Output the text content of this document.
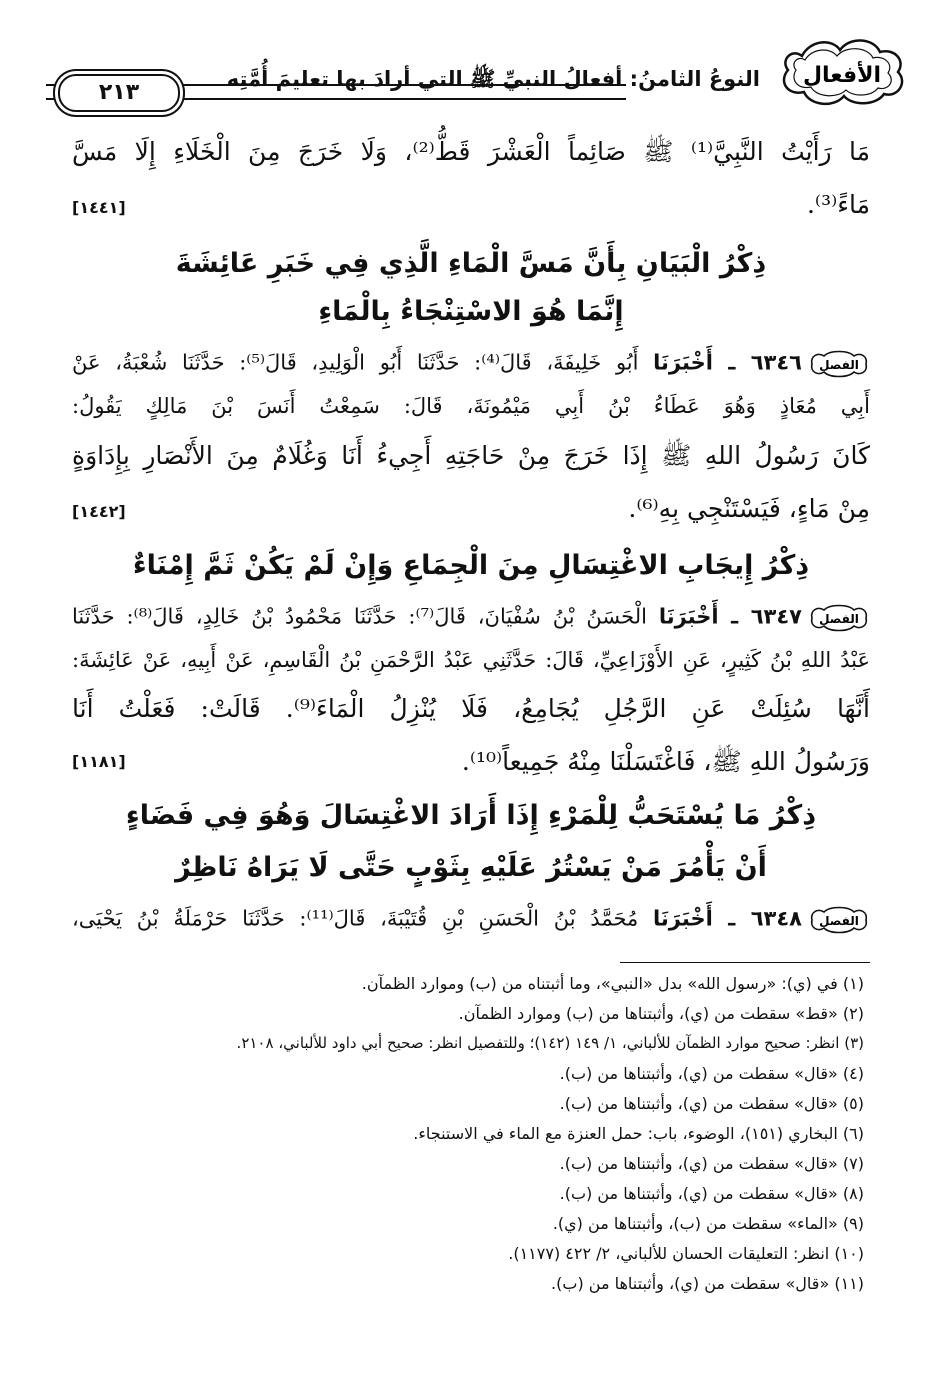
الأفعال
النوعُ الثامنُ: أفعالُ النبيِّ ﷺ التي أرادَ بها تعليمَ أُمَّتِه
٢١٣
مَا رَأَيْتُ النَّبِيَّ⁽¹⁾ ﷺ صَائِماً الْعَشْرَ قَطُّ⁽²⁾، وَلَا خَرَجَ مِنَ الْخَلَاءِ إِلَا مَسَّ
مَاءً⁽³⁾.
[١٤٤١]
ذِكْرُ الْبَيَانِ بِأَنَّ مَسَّ الْمَاءِ الَّذِي فِي خَبَرِ عَائِشَةَ
إِنَّمَا هُوَ الاسْتِنْجَاءُ بِالْمَاءِ
الفصل
٦٣٤٦ ـ أَخْبَرَنَا أَبُو خَلِيفَةَ، قَالَ⁽⁴⁾: حَدَّثَنَا أَبُو الْوَلِيدِ، قَالَ⁽⁵⁾: حَدَّثَنَا شُعْبَةُ، عَنْ
أَبِي مُعَاذٍ وَهُوَ عَطَاءُ بْنُ أَبِي مَيْمُونَةَ، قَالَ: سَمِعْتُ أَنَسَ بْنَ مَالِكٍ يَقُولُ:
كَانَ رَسُولُ اللهِ ﷺ إِذَا خَرَجَ مِنْ حَاجَتِهِ أَجِيءُ أَنَا وَغُلَامٌ مِنَ الأَنْصَارِ بِإِدَاوَةٍ
مِنْ مَاءٍ، فَيَسْتَنْجِي بِهِ⁽⁶⁾.
[١٤٤٢]
ذِكْرُ إِيجَابِ الاغْتِسَالِ مِنَ الْجِمَاعِ وَإِنْ لَمْ يَكُنْ ثَمَّ إِمْنَاءٌ
الفصل
٦٣٤٧ ـ أَخْبَرَنَا الْحَسَنُ بْنُ سُفْيَانَ، قَالَ⁽⁷⁾: حَدَّثَنَا مَحْمُودُ بْنُ خَالِدٍ، قَالَ⁽⁸⁾: حَدَّثَنَا
عَبْدُ اللهِ بْنُ كَثِيرٍ، عَنِ الأَوْزَاعِيِّ، قَالَ: حَدَّثَنِي عَبْدُ الرَّحْمَنِ بْنُ الْقَاسِمِ، عَنْ أَبِيهِ، عَنْ عَائِشَةَ:
أَنَّهَا سُئِلَتْ عَنِ الرَّجُلِ يُجَامِعُ، فَلَا يُنْزِلُ الْمَاءَ⁽⁹⁾. قَالَتْ: فَعَلْتُ أَنَا
وَرَسُولُ اللهِ ﷺ، فَاغْتَسَلْنَا مِنْهُ جَمِيعاً⁽¹⁰⁾.
[١١٨١]
ذِكْرُ مَا يُسْتَحَبُّ لِلْمَرْءِ إِذَا أَرَادَ الاغْتِسَالَ وَهُوَ فِي فَضَاءٍ
أَنْ يَأْمُرَ مَنْ يَسْتُرُ عَلَيْهِ بِثَوْبٍ حَتَّى لَا يَرَاهُ نَاظِرٌ
الفصل
٦٣٤٨ ـ أَخْبَرَنَا مُحَمَّدُ بْنُ الْحَسَنِ بْنِ قُتَيْبَةَ، قَالَ⁽¹¹⁾: حَدَّثَنَا حَرْمَلَةُ بْنُ يَحْيَى،
(١) في (ي): «رسول الله» بدل «النبي»، وما أثبتناه من (ب) وموارد الظمآن.
(٢) «قط» سقطت من (ي)، وأثبتناها من (ب) وموارد الظمآن.
(٣) انظر: صحيح موارد الظمآن للألباني، ١/ ١٤٩ (١٤٢)؛ وللتفصيل انظر: صحيح أبي داود للألباني، ٢١٠٨.
(٤) «قال» سقطت من (ي)، وأثبتناها من (ب).
(٥) «قال» سقطت من (ي)، وأثبتناها من (ب).
(٦) البخاري (١٥١)، الوضوء، باب: حمل العنزة مع الماء في الاستنجاء.
(٧) «قال» سقطت من (ي)، وأثبتناها من (ب).
(٨) «قال» سقطت من (ي)، وأثبتناها من (ب).
(٩) «الماء» سقطت من (ب)، وأثبتناها من (ي).
(١٠) انظر: التعليقات الحسان للألباني، ٢/ ٤٢٢ (١١٧٧).
(١١) «قال» سقطت من (ي)، وأثبتناها من (ب).
